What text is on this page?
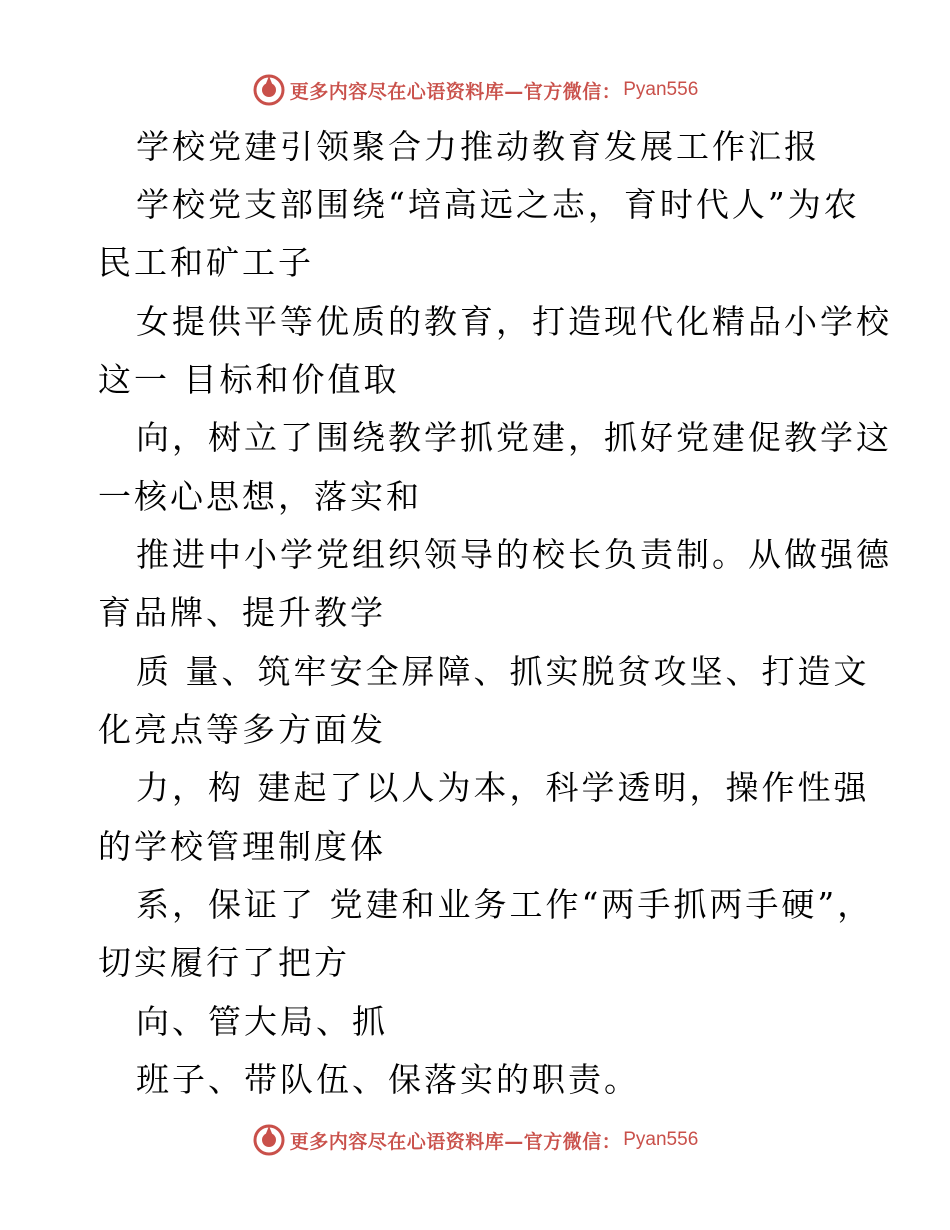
更多内容尽在心语资料库—官方微信： Pyan556
学校党建引领聚合力推动教育发展工作汇报
学校党支部围绕“培高远之志，育时代人”为农
民工和矿工子
女提供平等优质的教育，打造现代化精品小学校
这一 目标和价值取
向，树立了围绕教学抓党建，抓好党建促教学这
一核心思想，落实和
推进中小学党组织领导的校长负责制。从做强德
育品牌、提升教学
质 量、筑牢安全屏障、抓实脱贫攻坚、打造文
化亮点等多方面发
力，构 建起了以人为本，科学透明，操作性强
的学校管理制度体
系，保证了 党建和业务工作“两手抓两手硬”，
切实履行了把方
向、管大局、抓
班子、带队伍、保落实的职责。
更多内容尽在心语资料库—官方微信： Pyan556
